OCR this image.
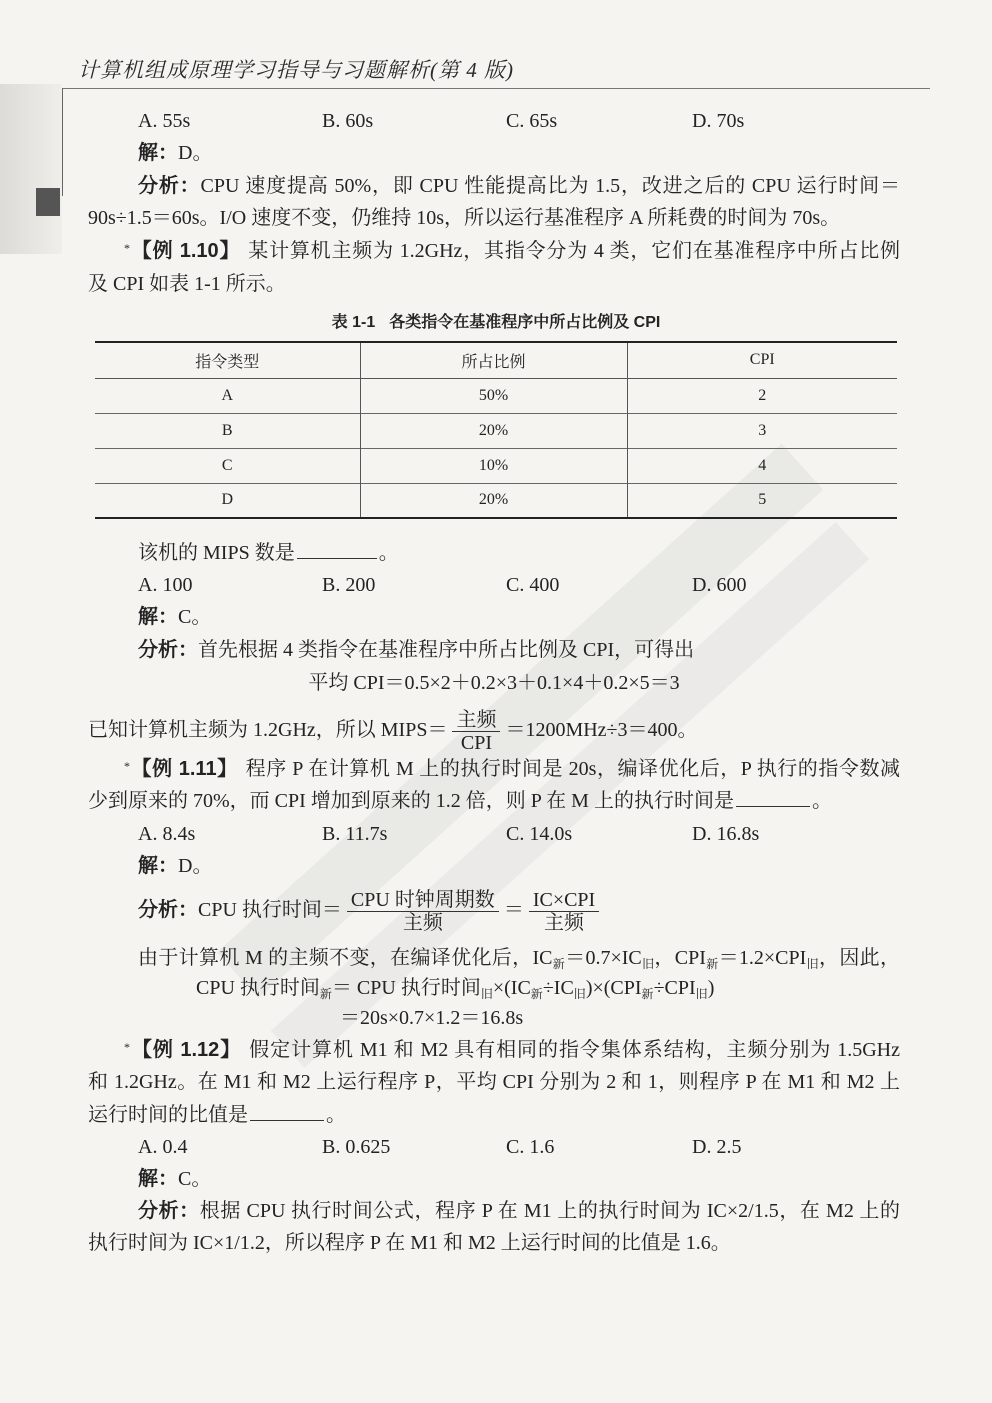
计算机组成原理学习指导与习题解析(第 4 版)
A. 55s	B. 60s	C. 65s	D. 70s
解：D。
分析：CPU 速度提高 50%，即 CPU 性能提高比为 1.5，改进之后的 CPU 运行时间＝
90s÷1.5＝60s。I/O 速度不变，仍维持 10s，所以运行基准程序 A 所耗费的时间为 70s。
*【例 1.10】 某计算机主频为 1.2GHz，其指令分为 4 类，它们在基准程序中所占比例
及 CPI 如表 1-1 所示。
表 1-1 各类指令在基准程序中所占比例及 CPI
指令类型	所占比例	CPI
A	50%	2
B	20%	3
C	10%	4
D	20%	5
该机的 MIPS 数是	。
A. 100	B. 200	C. 400	D. 600
解：C。
分析：首先根据 4 类指令在基准程序中所占比例及 CPI，可得出
平均 CPI＝0.5×2＋0.2×3＋0.1×4＋0.2×5＝3
已知计算机主频为 1.2GHz，所以 MIPS＝ $\frac{\text{主频}}{\text{CPI}} =1200MHz\div 3=400$。
*【例 1.11】 程序 P 在计算机 M 上的执行时间是 20s，编译优化后，P 执行的指令数减
少到原来的 70%，而 CPI 增加到原来的 1.2 倍，则 P 在 M 上的执行时间是	。
A. 8.4s	B. 11.7s	C. 14.0s	D. 16.8s
解：D。
分析：CPU 执行时间＝ $\frac{\text{CPU 时钟周期数}}{\text{主频}} = \frac{\text{IC×CPI}}{\text{主频}}$
由于计算机 M 的主频不变，在编译优化后，$IC_新=0.7\times IC_旧$，$CPI_新=1.2\times CPI_旧$，因此，
CPU 执行时间$_新$＝ CPU 执行时间$_旧\times(IC_新\div IC_旧)\times(CPI_新\div CPI_旧)$
＝20s×0.7×1.2＝16.8s
*【例 1.12】 假定计算机 M1 和 M2 具有相同的指令集体系结构，主频分别为 1.5GHz
和 1.2GHz。在 M1 和 M2 上运行程序 P，平均 CPI 分别为 2 和 1，则程序 P 在 M1 和 M2 上
运行时间的比值是	。
A. 0.4	B. 0.625	C. 1.6	D. 2.5
解：C。
分析：根据 CPU 执行时间公式，程序 P 在 M1 上的执行时间为 IC×2/1.5，在 M2 上的
执行时间为 IC×1/1.2，所以程序 P 在 M1 和 M2 上运行时间的比值是 1.6。
